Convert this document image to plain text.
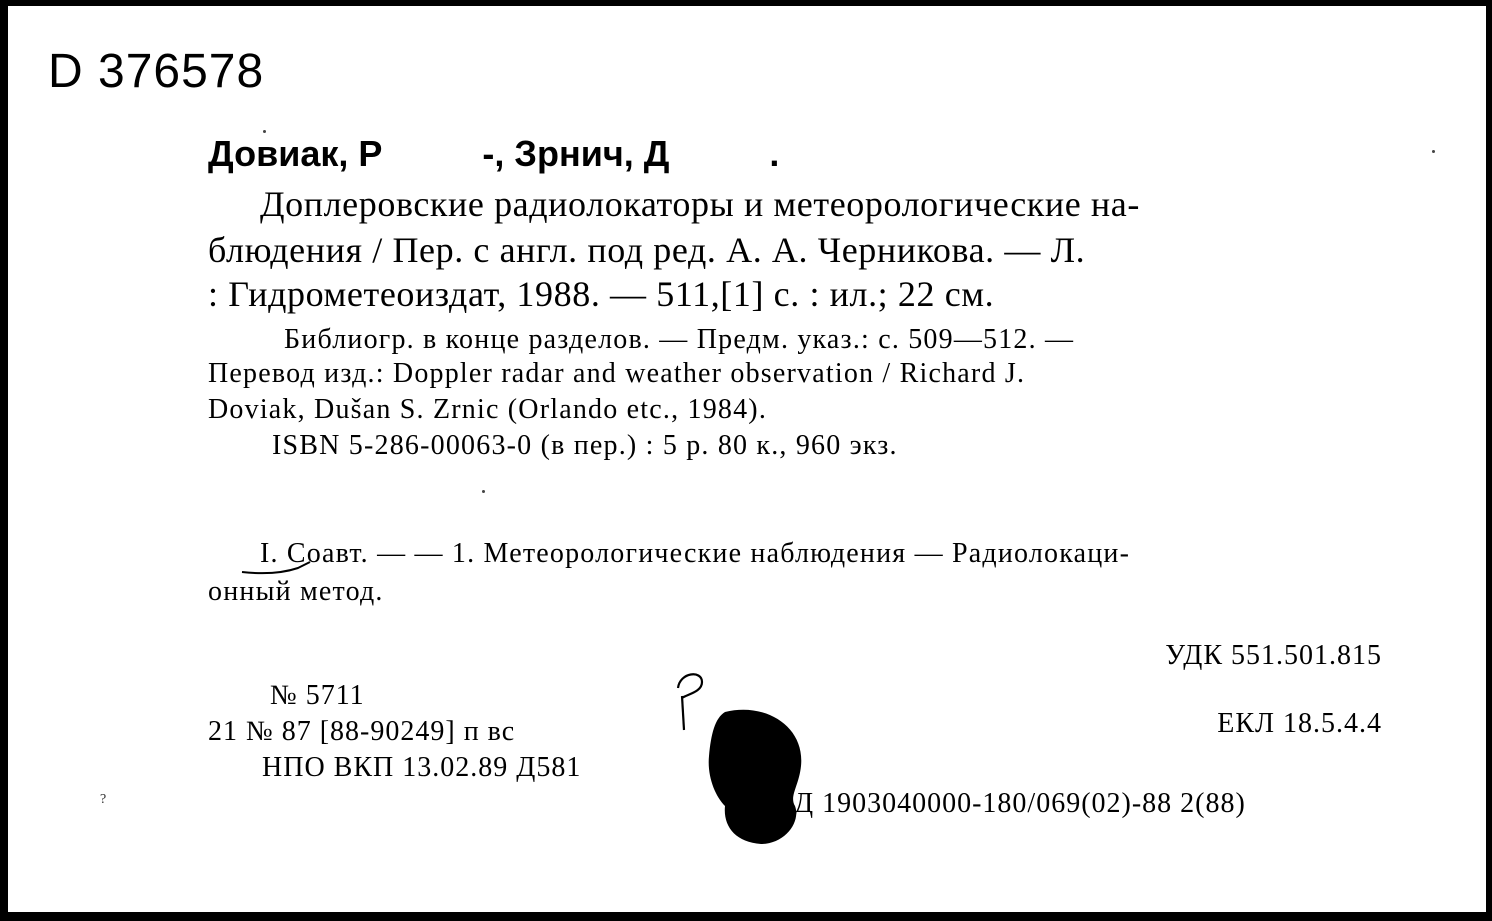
D 376578
Довиак, Р          -, Зрнич, Д          .
Доплеровские радиолокаторы и метеорологические на-
блюдения / Пер. с англ. под ред. А. А. Черникова. — Л.
: Гидрометеоиздат, 1988. — 511,[1] с. : ил.; 22 см.
Библиогр. в конце разделов. — Предм. указ.: с. 509—512. —
Перевод изд.: Doppler radar and weather observation / Richard J.
Doviak, Dušan S. Zrnic (Orlando etc., 1984).
ISBN 5-286-00063-0 (в пер.) : 5 р. 80 к., 960 экз.
I. Соавт. — — 1. Метеорологические наблюдения — Радиолокаци-
онный метод.
УДК 551.501.815
№ 5711
21 № 87 [88-90249] п вс	ЕКЛ 18.5.4.4
НПО ВКП 13.02.89 Д581
Д 1903040000-180/069(02)-88 2(88)
?
